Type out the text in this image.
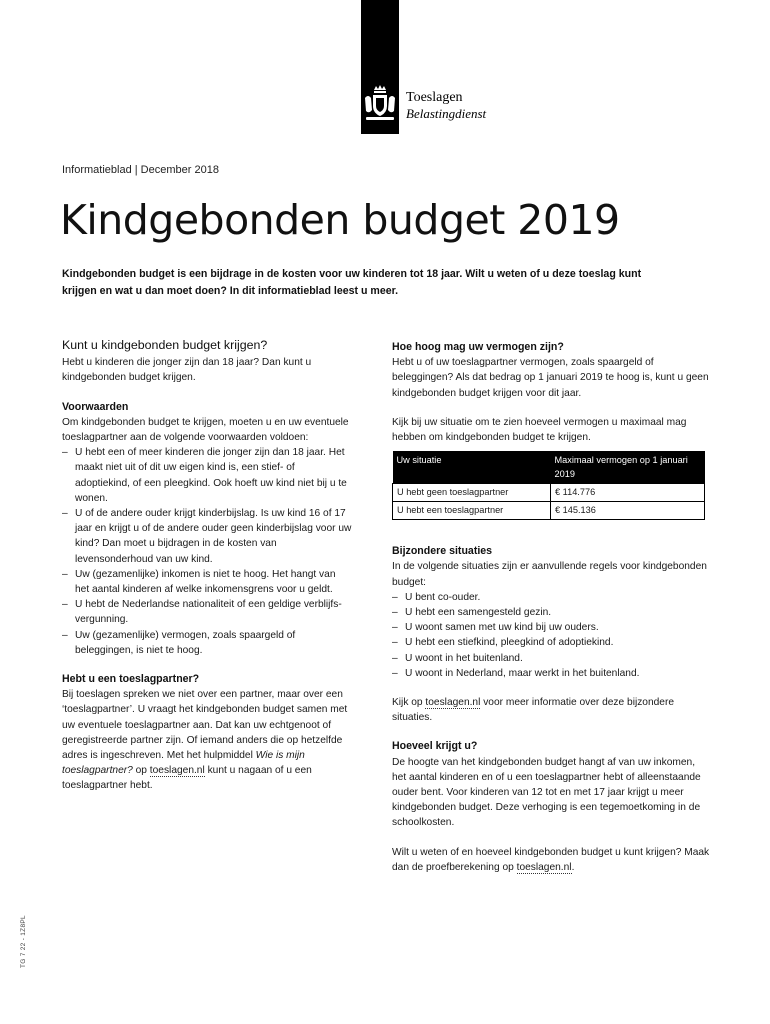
Toeslagen
Belastingdienst
Informatieblad | December 2018
Kindgebonden budget 2019

Kindgebonden budget is een bijdrage in de kosten voor uw kinderen tot 18 jaar. Wilt u weten of u deze toeslag kunt krijgen en wat u dan moet doen? In dit informatieblad leest u meer.

Kunt u kindgebonden budget krijgen?

Hebt u kinderen die jonger zijn dan 18 jaar? Dan kunt u kindgebonden budget krijgen.

Voorwaarden

Om kindgebonden budget te krijgen, moeten u en uw eventuele toeslagpartner aan de volgende voorwaarden voldoen:

– U hebt een of meer kinderen die jonger zijn dan 18 jaar. Het maakt niet uit of dit uw eigen kind is, een stief- of adoptiekind, of een pleegkind. Ook hoeft uw kind niet bij u te wonen.
– U of de andere ouder krijgt kinderbijslag. Is uw kind 16 of 17 jaar en krijgt u of de andere ouder geen kinderbijslag voor uw kind? Dan moet u bijdragen in de kosten van levensonderhoud van uw kind.
– Uw (gezamenlijke) inkomen is niet te hoog. Het hangt van het aantal kinderen af welke inkomensgrens voor u geldt.
– U hebt de Nederlandse nationaliteit of een geldige verblijfsvergunning.
– Uw (gezamenlijke) vermogen, zoals spaargeld of beleggingen, is niet te hoog.
Hebt u een toeslagpartner?

Bij toeslagen spreken we niet over een partner, maar over een ‘toeslagpartner’. U vraagt het kindgebonden budget samen met uw eventuele toeslagpartner aan. Dat kan uw echtgenoot of geregistreerde partner zijn. Of iemand anders die op hetzelfde adres is ingeschreven. Met het hulpmiddel Wie is mijn toeslagpartner? op toeslagen.nl kunt u nagaan of u een toeslagpartner hebt.

Hoe hoog mag uw vermogen zijn?

Hebt u of uw toeslagpartner vermogen, zoals spaargeld of beleggingen? Als dat bedrag op 1 januari 2019 te hoog is, kunt u geen kindgebonden budget krijgen voor dit jaar.

Kijk bij uw situatie om te zien hoeveel vermogen u maximaal mag hebben om kindgebonden budget te krijgen.

Uw situatie	Maximaal vermogen op 1 januari 2019
U hebt geen toeslagpartner	€ 114.776
U hebt een toeslagpartner	€ 145.136
Bijzondere situaties

In de volgende situaties zijn er aanvullende regels voor kindgebonden budget:

– U bent co-ouder.
– U hebt een samengesteld gezin.
– U woont samen met uw kind bij uw ouders.
– U hebt een stiefkind, pleegkind of adoptiekind.
– U woont in het buitenland.
– U woont in Nederland, maar werkt in het buitenland.

Kijk op toeslagen.nl voor meer informatie over deze bijzondere situaties.

Hoeveel krijgt u?

De hoogte van het kindgebonden budget hangt af van uw inkomen, het aantal kinderen en of u een toeslagpartner hebt of alleenstaande ouder bent. Voor kinderen van 12 tot en met 17 jaar krijgt u meer kindgebonden budget. Deze verhoging is een tegemoetkoming in de schoolkosten.

Wilt u weten of en hoeveel kindgebonden budget u kunt krijgen? Maak dan de proefberekening op toeslagen.nl.

TG 7 22 - 1Z8PL
